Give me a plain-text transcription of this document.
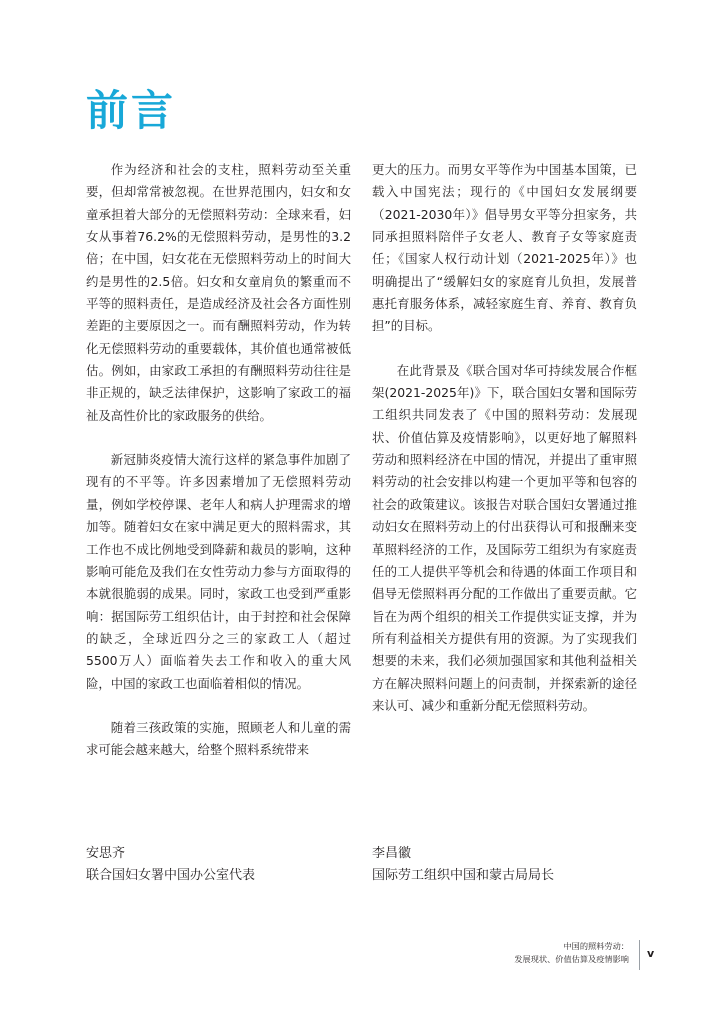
前言

作为经济和社会的支柱，照料劳动至关重要，但却常常被忽视。在世界范围内，妇女和女童承担着大部分的无偿照料劳动：全球来看，妇女从事着76.2%的无偿照料劳动，是男性的3.2倍；在中国，妇女花在无偿照料劳动上的时间大约是男性的2.5倍。妇女和女童肩负的繁重而不平等的照料责任，是造成经济及社会各方面性别差距的主要原因之一。而有酬照料劳动，作为转化无偿照料劳动的重要载体，其价值也通常被低估。例如，由家政工承担的有酬照料劳动往往是非正规的，缺乏法律保护，这影响了家政工的福祉及高性价比的家政服务的供给。

新冠肺炎疫情大流行这样的紧急事件加剧了现有的不平等。许多因素增加了无偿照料劳动量，例如学校停课、老年人和病人护理需求的增加等。随着妇女在家中满足更大的照料需求，其工作也不成比例地受到降薪和裁员的影响，这种影响可能危及我们在女性劳动力参与方面取得的本就很脆弱的成果。同时，家政工也受到严重影响：据国际劳工组织估计，由于封控和社会保障的缺乏，全球近四分之三的家政工人（超过5500万人）面临着失去工作和收入的重大风险，中国的家政工也面临着相似的情况。

随着三孩政策的实施，照顾老人和儿童的需求可能会越来越大，给整个照料系统带来

更大的压力。而男女平等作为中国基本国策，已载入中国宪法；现行的《中国妇女发展纲要（2021-2030年）》倡导男女平等分担家务，共同承担照料陪伴子女老人、教育子女等家庭责任；《国家人权行动计划（2021-2025年）》也明确提出了“缓解妇女的家庭育儿负担，发展普惠托育服务体系，减轻家庭生育、养育、教育负担”的目标。

在此背景及《联合国对华可持续发展合作框架(2021-2025年)》下，联合国妇女署和国际劳工组织共同发表了《中国的照料劳动：发展现状、价值估算及疫情影响》，以更好地了解照料劳动和照料经济在中国的情况，并提出了重审照料劳动的社会安排以构建一个更加平等和包容的社会的政策建议。该报告对联合国妇女署通过推动妇女在照料劳动上的付出获得认可和报酬来变革照料经济的工作，及国际劳工组织为有家庭责任的工人提供平等机会和待遇的体面工作项目和倡导无偿照料再分配的工作做出了重要贡献。它旨在为两个组织的相关工作提供实证支撑，并为所有利益相关方提供有用的资源。为了实现我们想要的未来，我们必须加强国家和其他利益相关方在解决照料问题上的问责制，并探索新的途径来认可、减少和重新分配无偿照料劳动。

安思齐
联合国妇女署中国办公室代表
李昌徽
国际劳工组织中国和蒙古局局长
中国的照料劳动：
发展现状、价值估算及疫情影响 v
